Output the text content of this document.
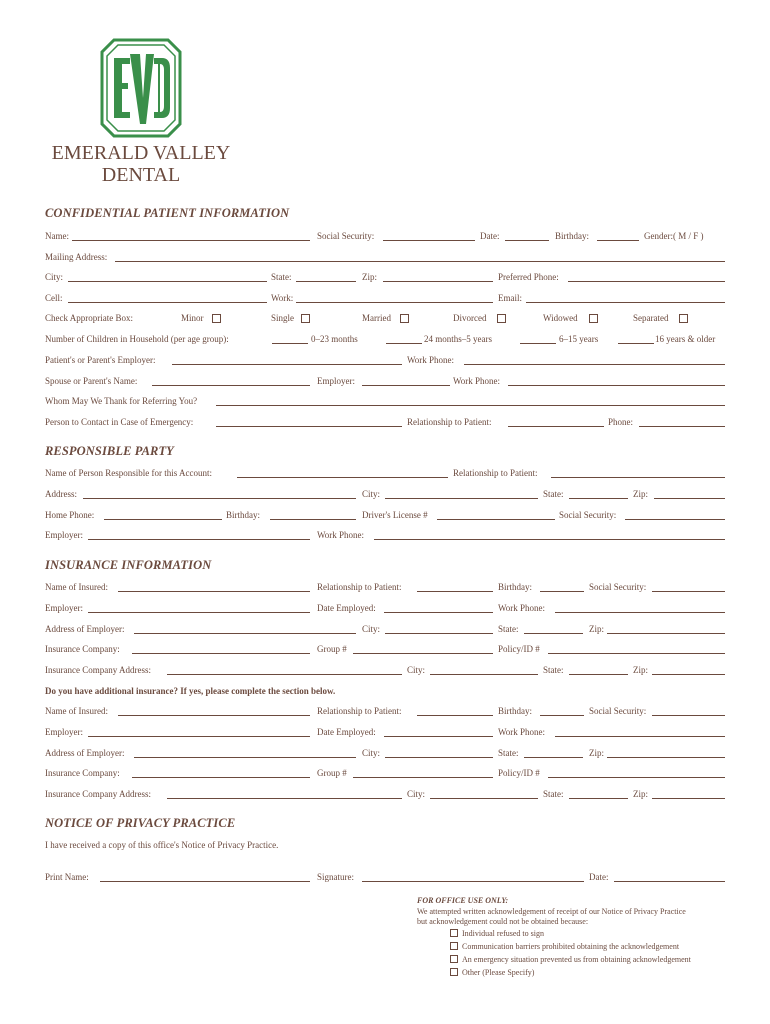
EMERALD VALLEY
DENTAL
CONFIDENTIAL PATIENT INFORMATION
Name:	Social Security:	Date:	Birthday:	Gender:( M / F )
Mailing Address:
City:	State:	Zip:	Preferred Phone:
Cell:	Work:	Email:
Check Appropriate Box:	Minor	Single	Married	Divorced	Widowed	Separated
Number of Children in Household (per age group):	0–23 months	24 months–5 years	6–15 years	16 years & older
Patient's or Parent's Employer:	Work Phone:
Spouse or Parent's Name:	Employer:	Work Phone:
Whom May We Thank for Referring You?
Person to Contact in Case of Emergency:	Relationship to Patient:	Phone:
RESPONSIBLE PARTY
Name of Person Responsible for this Account:	Relationship to Patient:
Address:	City:	State:	Zip:
Home Phone:	Birthday:	Driver's License #	Social Security:
Employer:	Work Phone:
INSURANCE INFORMATION
Name of Insured:	Relationship to Patient:	Birthday:	Social Security:
Employer:	Date Employed:	Work Phone:
Address of Employer:	City:	State:	Zip:
Insurance Company:	Group #	Policy/ID #
Insurance Company Address:	City:	State:	Zip:
Do you have additional insurance? If yes, please complete the section below.
Name of Insured:	Relationship to Patient:	Birthday:	Social Security:
Employer:	Date Employed:	Work Phone:
Address of Employer:	City:	State:	Zip:
Insurance Company:	Group #	Policy/ID #
Insurance Company Address:	City:	State:	Zip:
NOTICE OF PRIVACY PRACTICE
I have received a copy of this office's Notice of Privacy Practice.
Print Name:	Signature:	Date:
FOR OFFICE USE ONLY:
We attempted written acknowledgement of receipt of our Notice of Privacy Practice
but acknowledgement could not be obtained because:
Individual refused to sign
Communication barriers prohibited obtaining the acknowledgement
An emergency situation prevented us from obtaining acknowledgement
Other (Please Specify)
